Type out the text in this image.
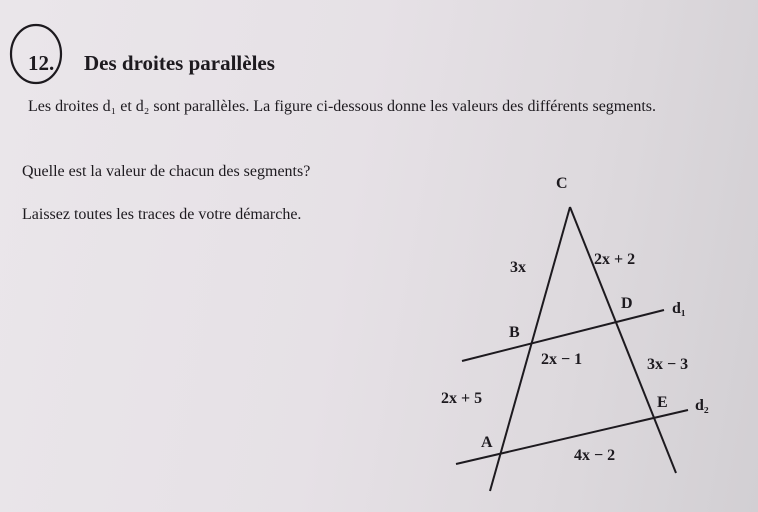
12. Des droites parallèles
Les droites d₁ et d₂ sont parallèles. La figure ci-dessous donne les valeurs des différents segments.
Quelle est la valeur de chacun des segments?
Laissez toutes les traces de votre démarche.
C
D
B
E
A
d₁
d₂
3x	2x + 2
2x − 1	3x − 3
2x + 5
4x − 2
